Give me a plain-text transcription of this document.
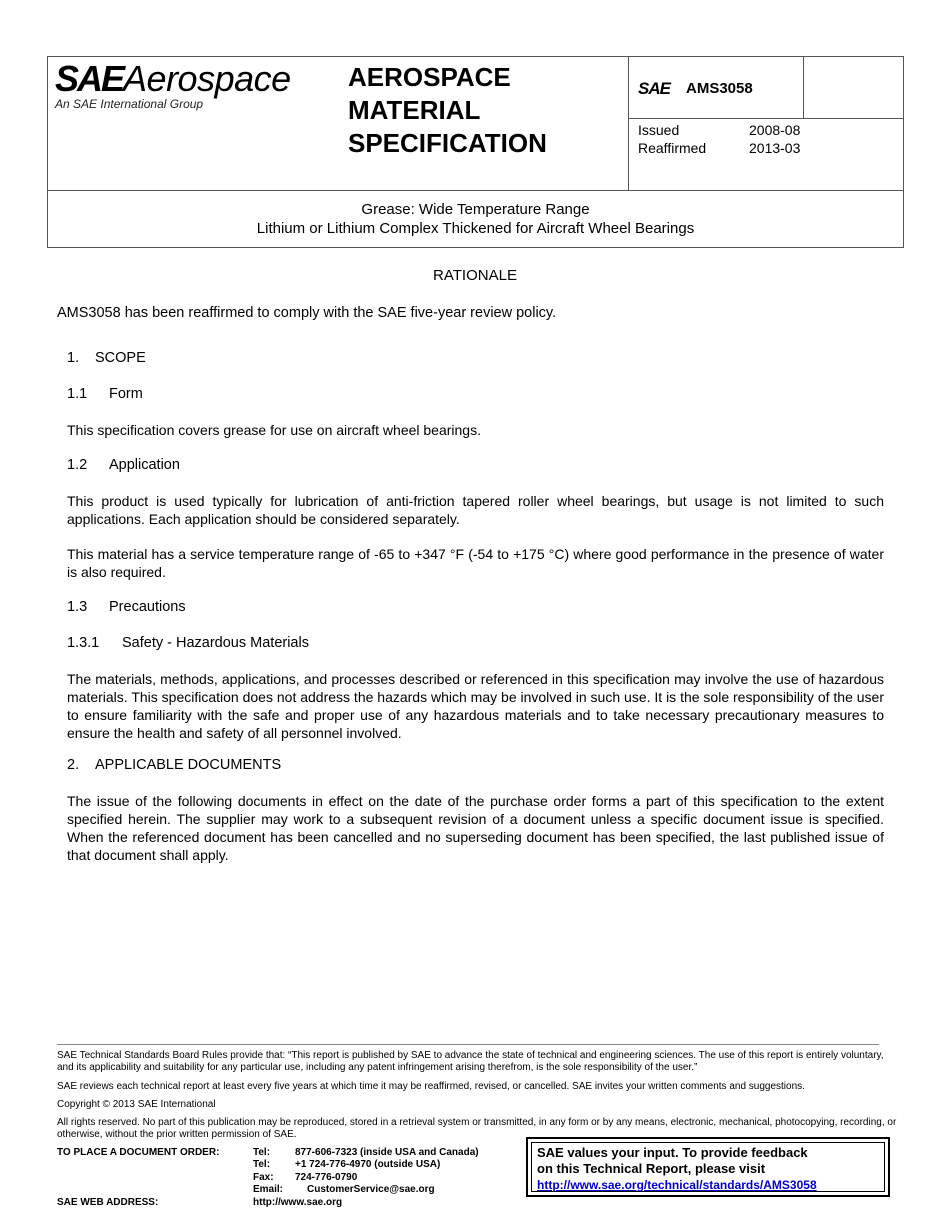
SAEAerospace
An SAE International Group
AEROSPACE
MATERIAL
SPECIFICATION
SAE AMS3058
Issued	2008-08
Reaffirmed	2013-03
Grease: Wide Temperature Range
Lithium or Lithium Complex Thickened for Aircraft Wheel Bearings
RATIONALE
AMS3058 has been reaffirmed to comply with the SAE five-year review policy.
1. SCOPE
1.1 Form
This specification covers grease for use on aircraft wheel bearings.
1.2 Application
This product is used typically for lubrication of anti-friction tapered roller wheel bearings, but usage is not limited to such applications. Each application should be considered separately.
This material has a service temperature range of -65 to +347 °F (-54 to +175 °C) where good performance in the presence of water is also required.
1.3 Precautions
1.3.1 Safety - Hazardous Materials
The materials, methods, applications, and processes described or referenced in this specification may involve the use of hazardous materials. This specification does not address the hazards which may be involved in such use. It is the sole responsibility of the user to ensure familiarity with the safe and proper use of any hazardous materials and to take necessary precautionary measures to ensure the health and safety of all personnel involved.
2. APPLICABLE DOCUMENTS
The issue of the following documents in effect on the date of the purchase order forms a part of this specification to the extent specified herein. The supplier may work to a subsequent revision of a document unless a specific document issue is specified. When the referenced document has been cancelled and no superseding document has been specified, the last published issue of that document shall apply.
SAE Technical Standards Board Rules provide that: “This report is published by SAE to advance the state of technical and engineering sciences. The use of this report is entirely voluntary, and its applicability and suitability for any particular use, including any patent infringement arising therefrom, is the sole responsibility of the user.”
SAE reviews each technical report at least every five years at which time it may be reaffirmed, revised, or cancelled. SAE invites your written comments and suggestions.
Copyright © 2013 SAE International
All rights reserved. No part of this publication may be reproduced, stored in a retrieval system or transmitted, in any form or by any means, electronic, mechanical, photocopying, recording, or otherwise, without the prior written permission of SAE.
TO PLACE A DOCUMENT ORDER:	Tel:	877-606-7323 (inside USA and Canada)
Tel:	+1 724-776-4970 (outside USA)
Fax:	724-776-0790
Email:	CustomerService@sae.org
SAE WEB ADDRESS:	http://www.sae.org
SAE values your input. To provide feedback
on this Technical Report, please visit
http://www.sae.org/technical/standards/AMS3058
